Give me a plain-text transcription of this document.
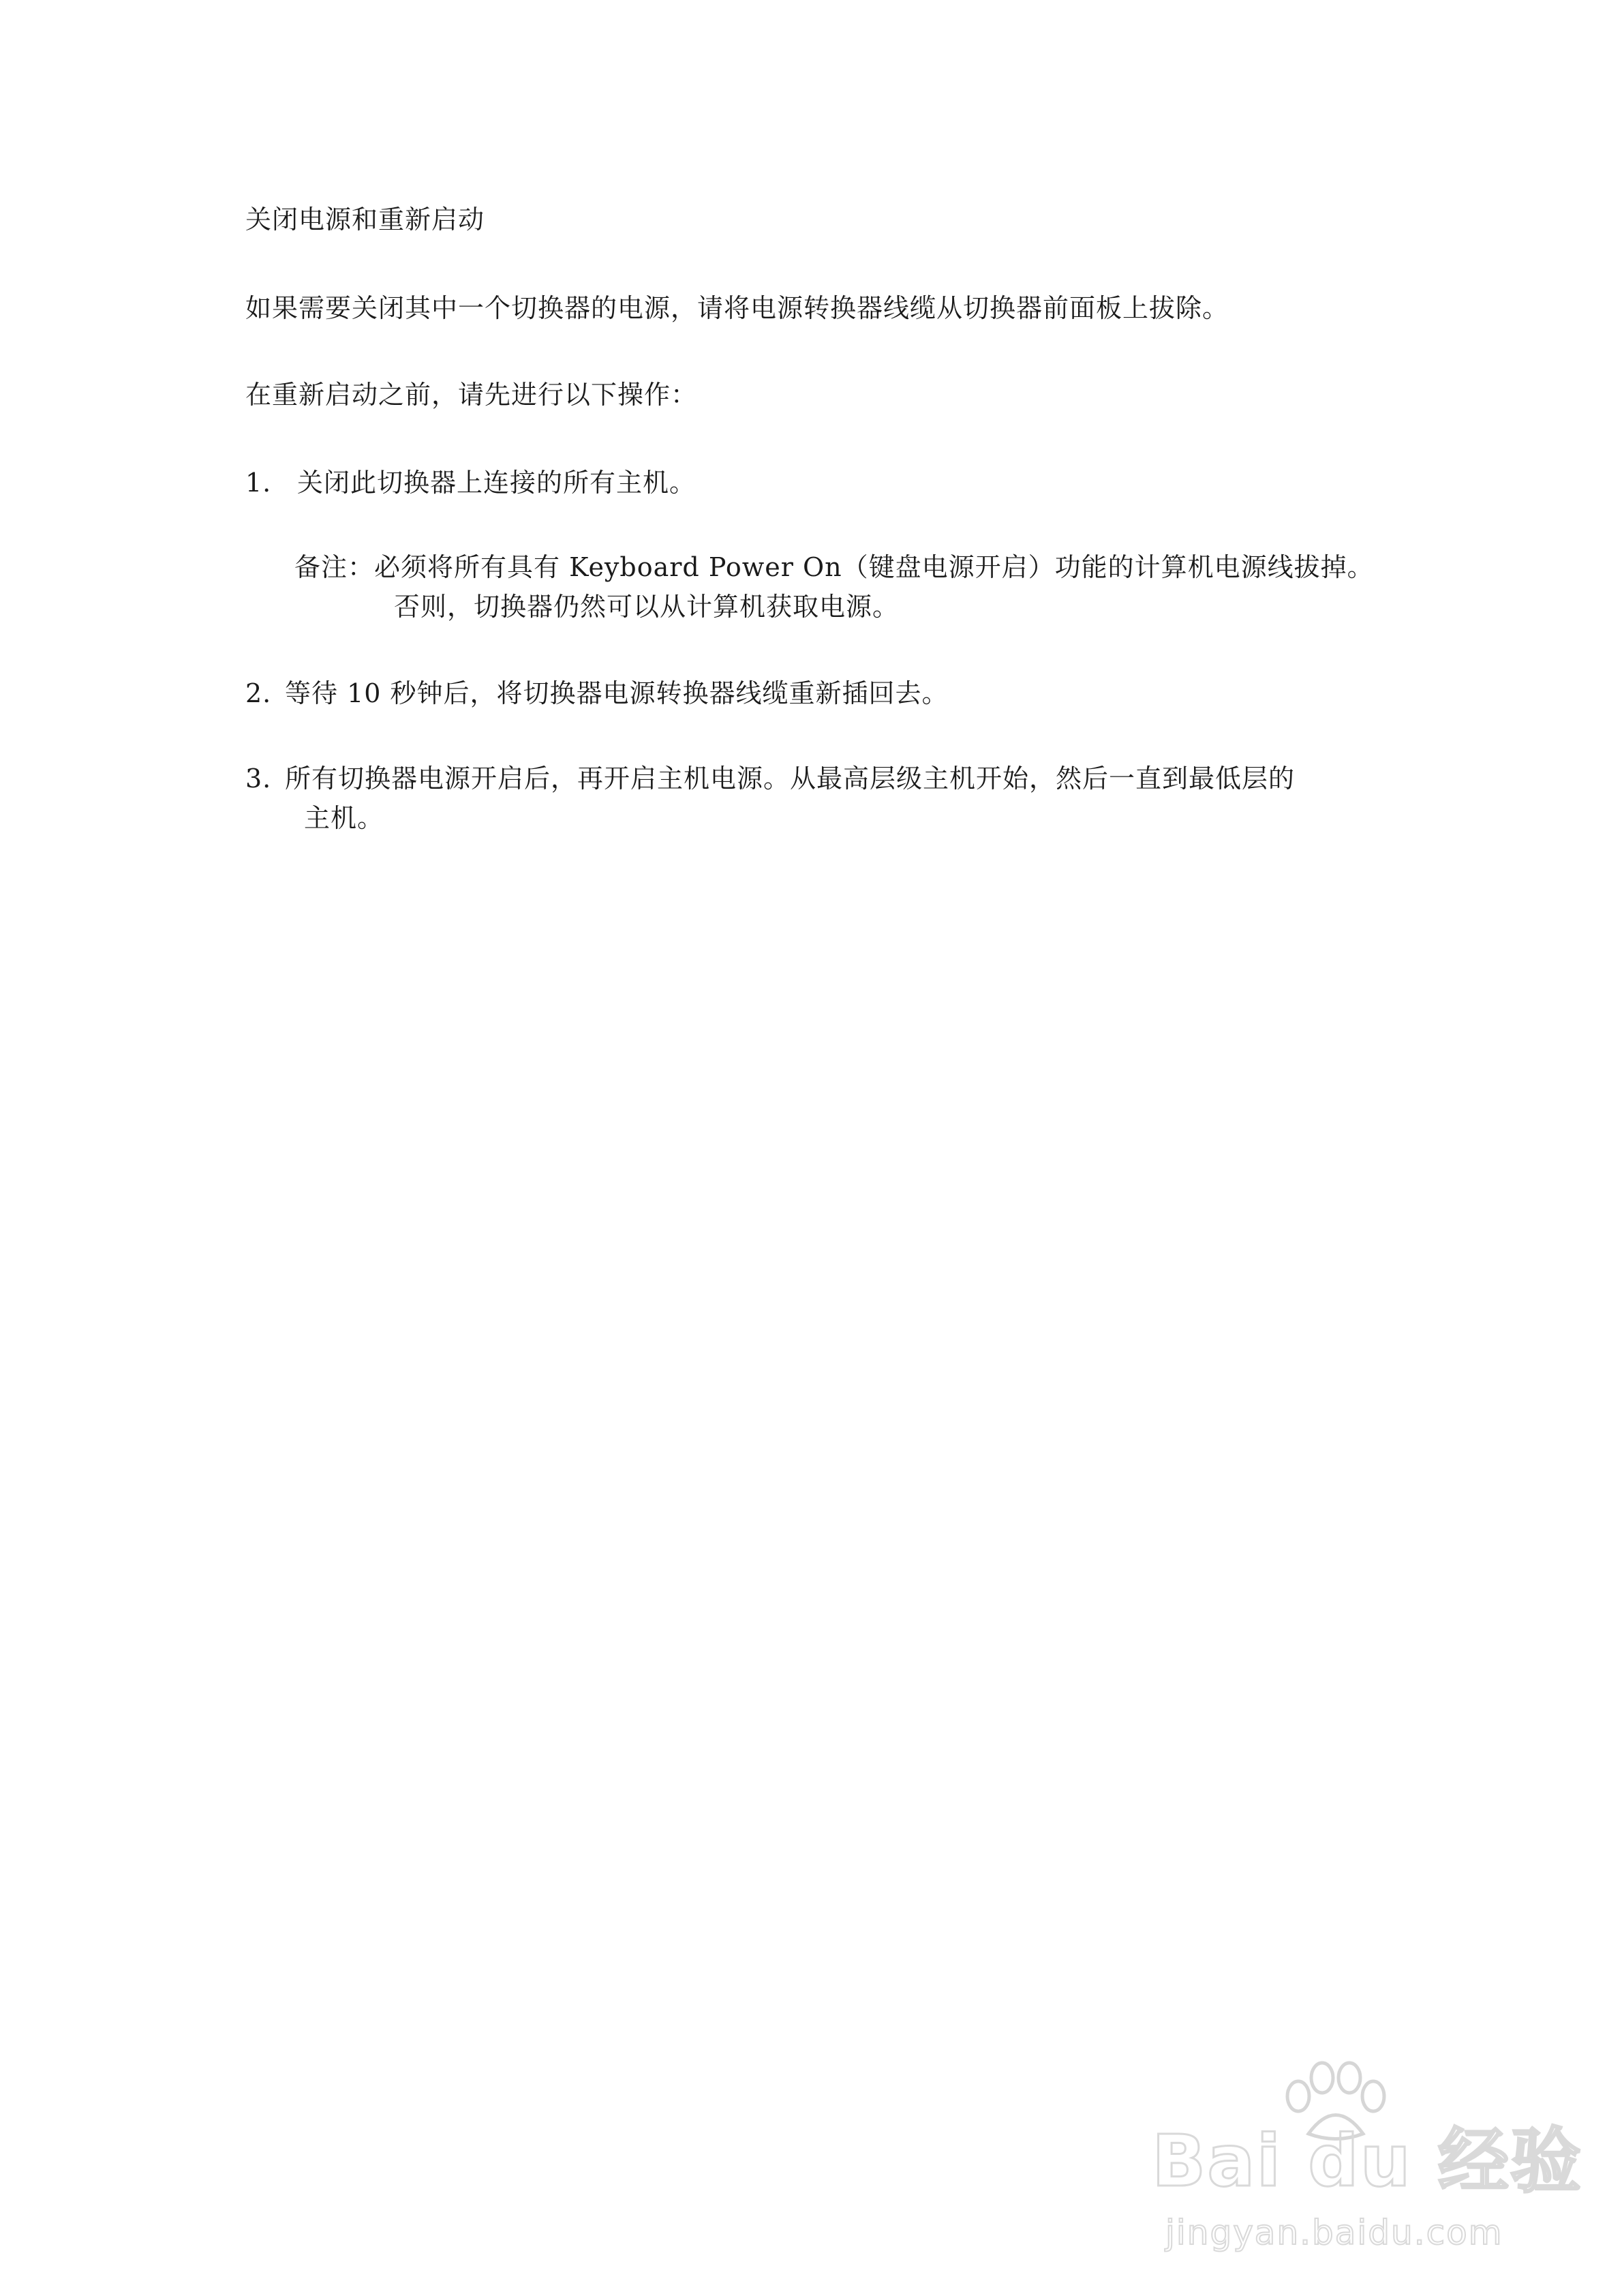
关闭电源和重新启动
如果需要关闭其中一个切换器的电源，请将电源转换器线缆从切换器前面板上拔除。
在重新启动之前，请先进行以下操作：
1. 关闭此切换器上连接的所有主机。
备注：必须将所有具有 Keyboard Power On（键盘电源开启）功能的计算机电源线拔掉。
否则，切换器仍然可以从计算机获取电源。
2. 等待 10 秒钟后，将切换器电源转换器线缆重新插回去。
3. 所有切换器电源开启后，再开启主机电源。从最高层级主机开始，然后一直到最低层的
主机。
Bai du 经验
jingyan.baidu.com
